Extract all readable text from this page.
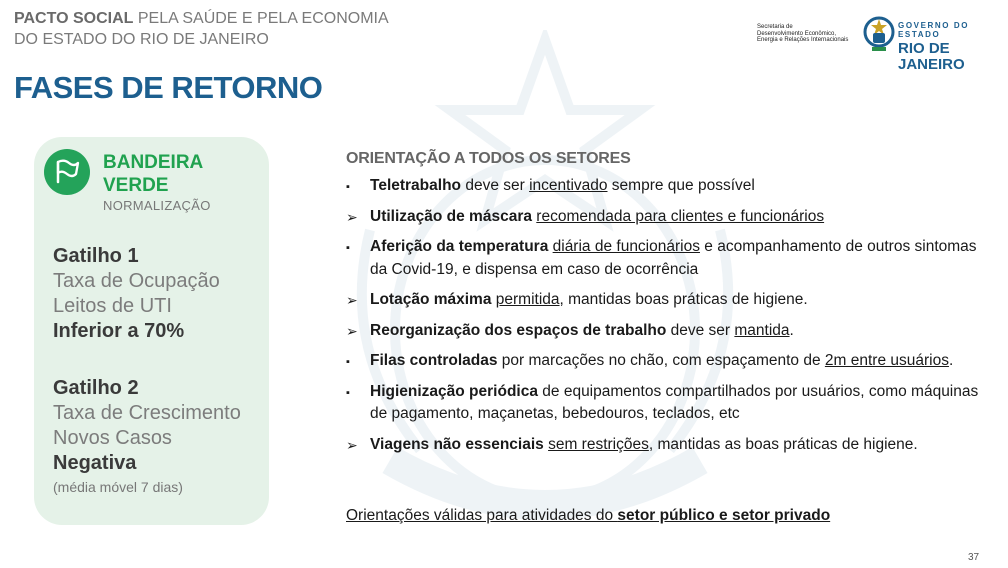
PACTO SOCIAL PELA SAÚDE E PELA ECONOMIA
DO ESTADO DO RIO DE JANEIRO
FASES DE RETORNO
Secretaria de
Desenvolvimento Econômico,
Energia e Relações Internacionais
GOVERNO DO ESTADO
RIO DE JANEIRO
BANDEIRA
VERDE
NORMALIZAÇÃO
Gatilho 1
Taxa de Ocupação
Leitos de UTI
Inferior a 70%
Gatilho 2
Taxa de Crescimento
Novos Casos
Negativa
(média móvel 7 dias)
ORIENTAÇÃO A TODOS OS SETORES
▪	Teletrabalho deve ser incentivado sempre que possível
➢ Utilização de máscara recomendada para clientes e funcionários
▪	Aferição da temperatura diária de funcionários e acompanhamento de outros sintomas da Covid-19, e dispensa em caso de ocorrência
➢ Lotação máxima permitida, mantidas boas práticas de higiene.
➢ Reorganização dos espaços de trabalho deve ser mantida.
▪	Filas controladas por marcações no chão, com espaçamento de 2m entre usuários.
▪	Higienização periódica de equipamentos compartilhados por usuários, como máquinas de pagamento, maçanetas, bebedouros, teclados, etc
➢ Viagens não essenciais sem restrições, mantidas as boas práticas de higiene.
Orientações válidas para atividades do setor público e setor privado
37
